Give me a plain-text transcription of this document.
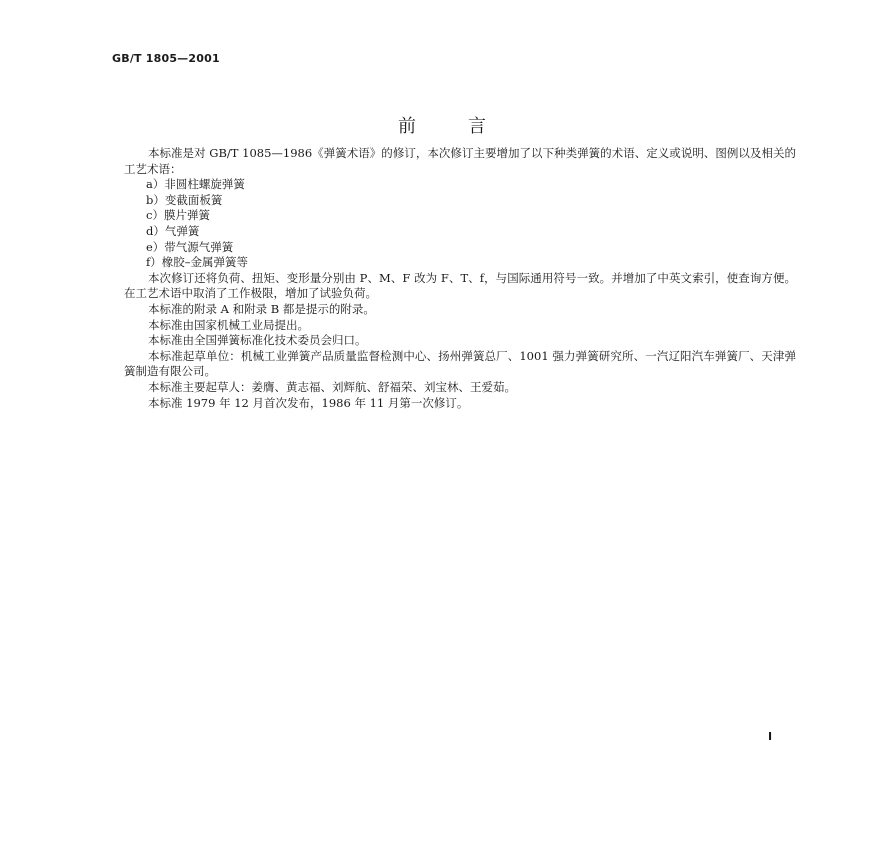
GB/T 1805—2001
前言

本标准是对 GB/T 1085—1986《弹簧术语》的修订，本次修订主要增加了以下种类弹簧的术语、定义或说明、图例以及相关的工艺术语：

a）非圆柱螺旋弹簧

b）变截面板簧

c）膜片弹簧

d）气弹簧

e）带气源气弹簧

f）橡胶–金属弹簧等

本次修订还将负荷、扭矩、变形量分别由 P、M、F 改为 F、T、f，与国际通用符号一致。并增加了中英文索引，使查询方便。在工艺术语中取消了工作极限，增加了试验负荷。

本标准的附录 A 和附录 B 都是提示的附录。

本标准由国家机械工业局提出。

本标准由全国弹簧标准化技术委员会归口。

本标准起草单位：机械工业弹簧产品质量监督检测中心、扬州弹簧总厂、1001 强力弹簧研究所、一汽辽阳汽车弹簧厂、天津弹簧制造有限公司。

本标准主要起草人：姜膺、黄志福、刘辉航、舒福荣、刘宝林、王爱茹。

本标准 1979 年 12 月首次发布，1986 年 11 月第一次修订。

I
